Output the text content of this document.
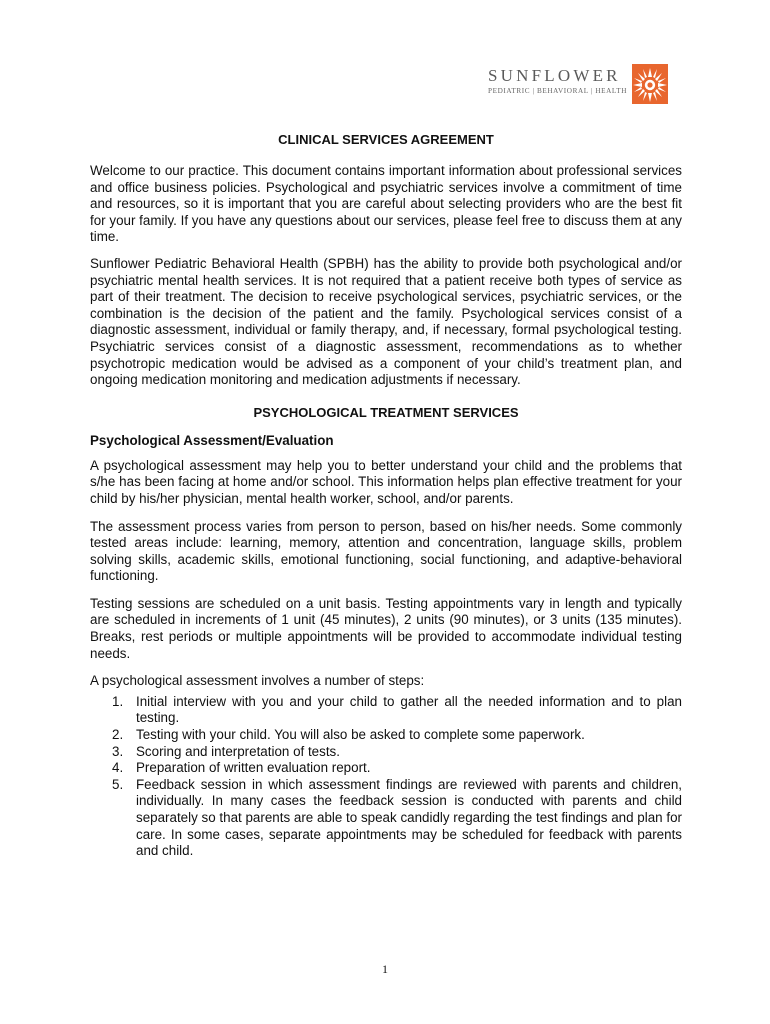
SUNFLOWER
PEDIATRIC | BEHAVIORAL | HEALTH

CLINICAL SERVICES AGREEMENT

Welcome to our practice. This document contains important information about professional services and office business policies. Psychological and psychiatric services involve a commitment of time and resources, so it is important that you are careful about selecting providers who are the best fit for your family. If you have any questions about our services, please feel free to discuss them at any time.

Sunflower Pediatric Behavioral Health (SPBH) has the ability to provide both psychological and/or psychiatric mental health services. It is not required that a patient receive both types of service as part of their treatment. The decision to receive psychological services, psychiatric services, or the combination is the decision of the patient and the family. Psychological services consist of a diagnostic assessment, individual or family therapy, and, if necessary, formal psychological testing. Psychiatric services consist of a diagnostic assessment, recommendations as to whether psychotropic medication would be advised as a component of your child’s treatment plan, and ongoing medication monitoring and medication adjustments if necessary.

PSYCHOLOGICAL TREATMENT SERVICES

Psychological Assessment/Evaluation

A psychological assessment may help you to better understand your child and the problems that s/he has been facing at home and/or school. This information helps plan effective treatment for your child by his/her physician, mental health worker, school, and/or parents.

The assessment process varies from person to person, based on his/her needs. Some commonly tested areas include: learning, memory, attention and concentration, language skills, problem solving skills, academic skills, emotional functioning, social functioning, and adaptive-behavioral functioning.

Testing sessions are scheduled on a unit basis. Testing appointments vary in length and typically are scheduled in increments of 1 unit (45 minutes), 2 units (90 minutes), or 3 units (135 minutes). Breaks, rest periods or multiple appointments will be provided to accommodate individual testing needs.

A psychological assessment involves a number of steps:

1. Initial interview with you and your child to gather all the needed information and to plan testing.
2. Testing with your child. You will also be asked to complete some paperwork.
3. Scoring and interpretation of tests.
4. Preparation of written evaluation report.
5. Feedback session in which assessment findings are reviewed with parents and children, individually. In many cases the feedback session is conducted with parents and child separately so that parents are able to speak candidly regarding the test findings and plan for care. In some cases, separate appointments may be scheduled for feedback with parents and child.
1
